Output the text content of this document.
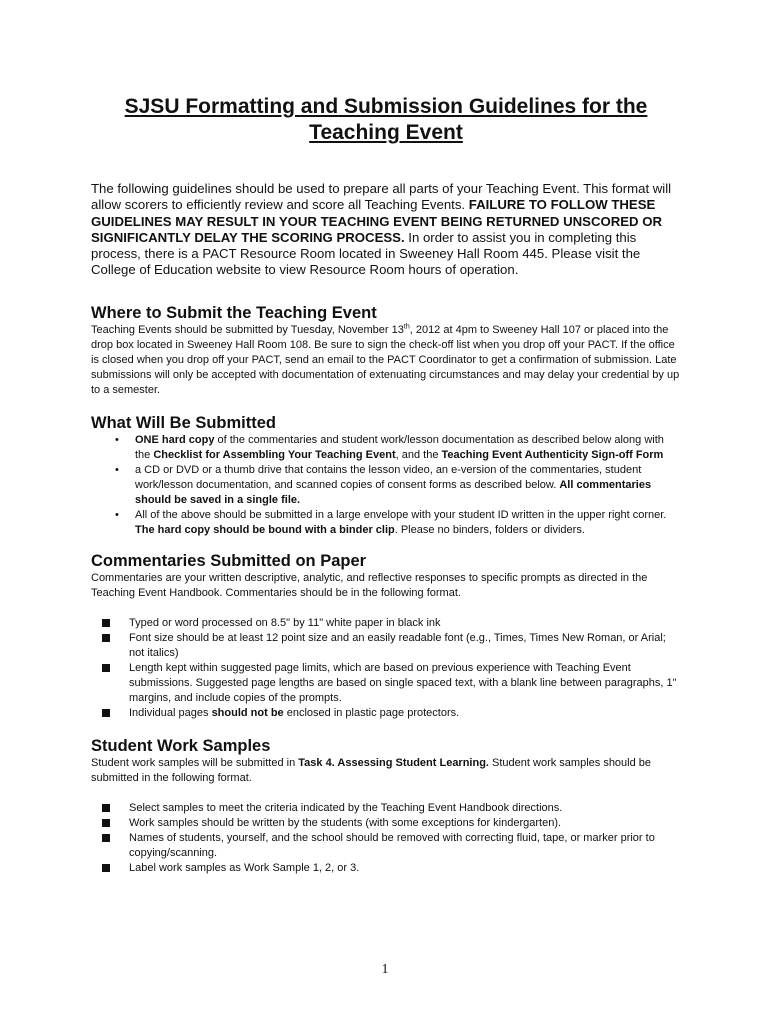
SJSU Formatting and Submission Guidelines for the
Teaching Event

The following guidelines should be used to prepare all parts of your Teaching Event. This format will allow scorers to efficiently review and score all Teaching Events. FAILURE TO FOLLOW THESE GUIDELINES MAY RESULT IN YOUR TEACHING EVENT BEING RETURNED UNSCORED OR SIGNIFICANTLY DELAY THE SCORING PROCESS. In order to assist you in completing this process, there is a PACT Resource Room located in Sweeney Hall Room 445. Please visit the College of Education website to view Resource Room hours of operation.

Where to Submit the Teaching Event

Teaching Events should be submitted by Tuesday, November 13th, 2012 at 4pm to Sweeney Hall 107 or placed into the drop box located in Sweeney Hall Room 108. Be sure to sign the check-off list when you drop off your PACT. If the office is closed when you drop off your PACT, send an email to the PACT Coordinator to get a confirmation of submission. Late submissions will only be accepted with documentation of extenuating circumstances and may delay your credential by up to a semester.

What Will Be Submitted
• ONE hard copy of the commentaries and student work/lesson documentation as described below along with the Checklist for Assembling Your Teaching Event, and the Teaching Event Authenticity Sign-off Form
• a CD or DVD or a thumb drive that contains the lesson video, an e-version of the commentaries, student work/lesson documentation, and scanned copies of consent forms as described below. All commentaries should be saved in a single file.
• All of the above should be submitted in a large envelope with your student ID written in the upper right corner. The hard copy should be bound with a binder clip. Please no binders, folders or dividers.
Commentaries Submitted on Paper

Commentaries are your written descriptive, analytic, and reflective responses to specific prompts as directed in the Teaching Event Handbook. Commentaries should be in the following format.

Typed or word processed on 8.5" by 11" white paper in black ink
Font size should be at least 12 point size and an easily readable font (e.g., Times, Times New Roman, or Arial; not italics)
Length kept within suggested page limits, which are based on previous experience with Teaching Event submissions. Suggested page lengths are based on single spaced text, with a blank line between paragraphs, 1" margins, and include copies of the prompts.
Individual pages should not be enclosed in plastic page protectors.
Student Work Samples

Student work samples will be submitted in Task 4. Assessing Student Learning. Student work samples should be submitted in the following format.

Select samples to meet the criteria indicated by the Teaching Event Handbook directions.
Work samples should be written by the students (with some exceptions for kindergarten).
Names of students, yourself, and the school should be removed with correcting fluid, tape, or marker prior to copying/scanning.
Label work samples as Work Sample 1, 2, or 3.
1
